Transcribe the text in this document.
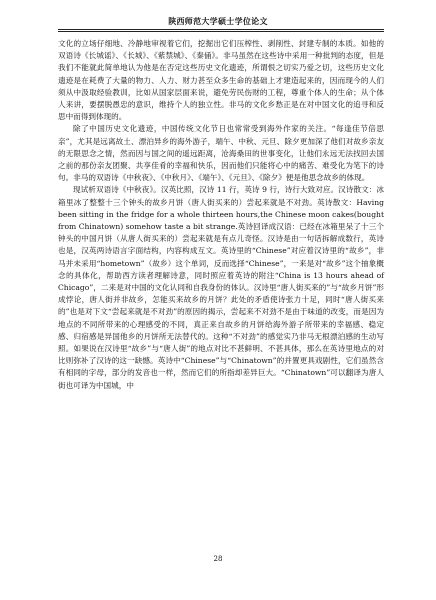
陕西师范大学硕士学位论文

文化的立场仔细地、冷静地审视着它们，挖掘出它们压榨性、剥削性、封建专制的本质。如他的双语诗《长城谣》、《长城》、《紫禁城》、《秦俑》。非马虽然在这些诗中采用一种批判的态度，但是我们不能就此简单地认为他是在否定这些历史文化遗迹，所谓恨之切实乃爱之切，这些历史文化遗迹是在耗费了大量的物力、人力、财力甚至众多生命的基础上才建造起来的，因而现今的人们须从中汲取经验教训，比如从国家层面来说，避免劳民伤财的工程，尊重个体人的生命；从个体人来讲，要摆脱愚忠的意识，维持个人的独立性。非马的文化乡愁正是在对中国文化的追寻和反思中而得到体现的。

除了中国历史文化遗迹，中国传统文化节日也常常受到海外作家的关注。“每逢佳节倍思亲”，尤其是远离故土、漂泊异乡的海外游子，端午、中秋、元旦、除夕更加深了他们对故乡亲友的无限思念之情，然而因与国之间的遥远距离，沧海桑田的世事变化，让他们永远无法找回去国之前的那份亲友团聚、共享佳肴的幸福和快乐，因而他们只能将心中的痛苦、难受化为笔下的诗句。非马的双语诗《中秋夜》、《中秋月》、《端午》、《元旦》、《除夕》便是他思念故乡的体现。

现试析双语诗《中秋夜》。汉英比照，汉诗 11 行，英诗 9 行，诗行大致对应。汉诗散文：冰箱里冰了整整十三个钟头的故乡月饼（唐人街买来的）尝起来就是不对劲。英诗散文：Having been sitting in the fridge for a whole thirteen hours,the Chinese moon cakes(bought from Chinatown) somehow taste a bit strange.英诗回译成汉语：已经在冰箱里呆了十三个钟头的中国月饼（从唐人街买来的）尝起来就是有点儿奇怪。汉诗是由一句话拆解成数行，英诗也是，汉英两诗语言字面结构，内容构成互文。英诗里的“Chinese”对应着汉诗里的“故乡”，非马并未采用“hometown”（故乡）这个单词，反而选择“Chinese”，一来是对“故乡”这个抽象概念的具体化，帮助西方读者理解诗意，同时照应着英诗的附注“China is 13 hours ahead of Chicago”，二来是对中国的文化认同和自我身份的体认。汉诗里“唐人街买来的”与“故乡月饼”形成悖论，唐人街并非故乡，怎能买来故乡的月饼？此处的矛盾使诗张力十足，同时“唐人街买来的”也是对下文“尝起来就是不对劲”的原因的揭示，尝起来不对劲不是由于味道的改变，而是因为地点的不同所带来的心理感受的不同，真正来自故乡的月饼给海外游子所带来的幸福感、稳定感、归宿感是异国他乡的月饼所无法替代的。这种“不对劲”的感觉实乃非马无根漂泊感的生动写照。如果说在汉诗里“故乡”与“唐人街”的地点对比不甚鲜明、不甚具体，那么在英诗里地点的对比则弥补了汉诗的这一缺憾。英诗中“Chinese”与“Chinatown”的并置更具戏剧性，它们虽然含有相同的字母，部分的发音也一样，然而它们的所指却差异巨大。“Chinatown”可以翻译为唐人街也可译为中国城，中

28
